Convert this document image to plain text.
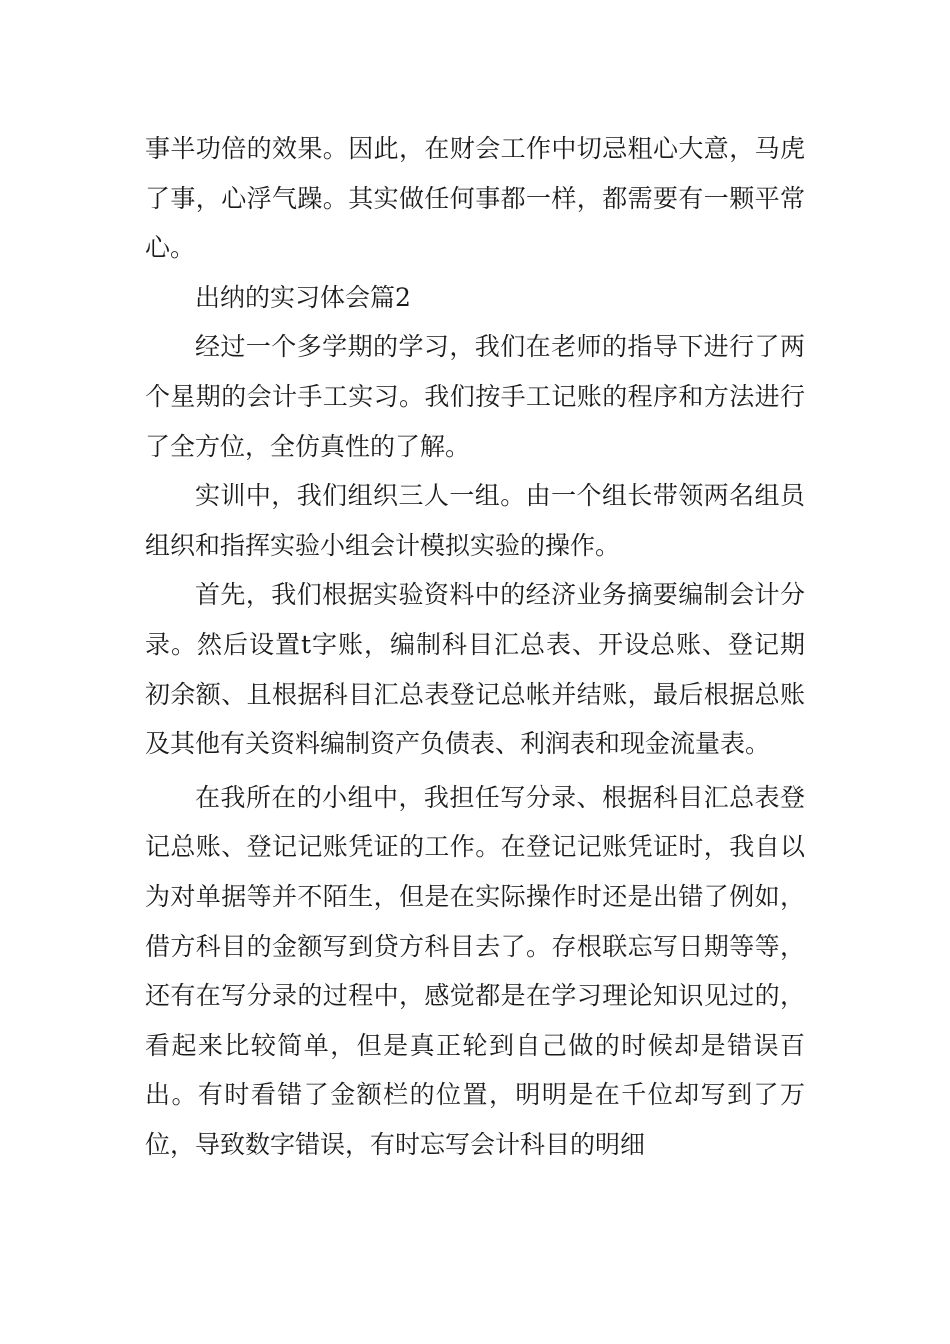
事半功倍的效果。因此，在财会工作中切忌粗心大意，马虎了事，心浮气躁。其实做任何事都一样，都需要有一颗平常心。

出纳的实习体会篇2

经过一个多学期的学习，我们在老师的指导下进行了两个星期的会计手工实习。我们按手工记账的程序和方法进行了全方位，全仿真性的了解。

实训中，我们组织三人一组。由一个组长带领两名组员组织和指挥实验小组会计模拟实验的操作。

首先，我们根据实验资料中的经济业务摘要编制会计分录。然后设置t字账，编制科目汇总表、开设总账、登记期初余额、且根据科目汇总表登记总帐并结账，最后根据总账及其他有关资料编制资产负债表、利润表和现金流量表。

在我所在的小组中，我担任写分录、根据科目汇总表登记总账、登记记账凭证的工作。在登记记账凭证时，我自以为对单据等并不陌生，但是在实际操作时还是出错了例如，借方科目的金额写到贷方科目去了。存根联忘写日期等等，还有在写分录的过程中，感觉都是在学习理论知识见过的，看起来比较简单，但是真正轮到自己做的时候却是错误百出。有时看错了金额栏的位置，明明是在千位却写到了万位，导致数字错误，有时忘写会计科目的明细
